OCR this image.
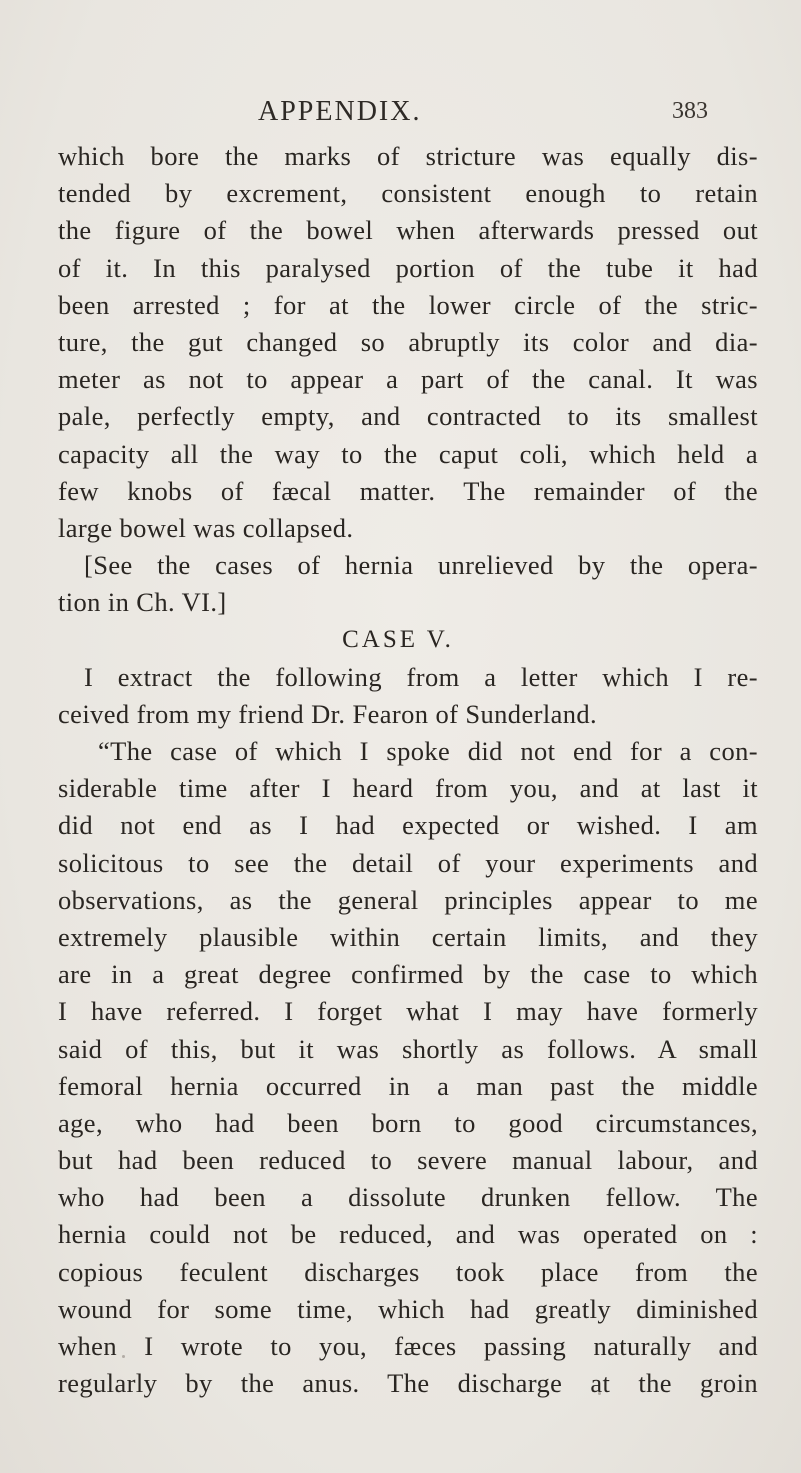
APPENDIX.	383
which bore the marks of stricture was equally dis-
tended by excrement, consistent enough to retain
the figure of the bowel when afterwards pressed out
of it. In this paralysed portion of the tube it had
been arrested ; for at the lower circle of the stric-
ture, the gut changed so abruptly its color and dia-
meter as not to appear a part of the canal. It was
pale, perfectly empty, and contracted to its smallest
capacity all the way to the caput coli, which held a
few knobs of fæcal matter. The remainder of the
large bowel was collapsed.
[See the cases of hernia unrelieved by the opera-
tion in Ch. VI.]
CASE V.
I extract the following from a letter which I re-
ceived from my friend Dr. Fearon of Sunderland.
“The case of which I spoke did not end for a con-
siderable time after I heard from you, and at last it
did not end as I had expected or wished. I am
solicitous to see the detail of your experiments and
observations, as the general principles appear to me
extremely plausible within certain limits, and they
are in a great degree confirmed by the case to which
I have referred. I forget what I may have formerly
said of this, but it was shortly as follows. A small
femoral hernia occurred in a man past the middle
age, who had been born to good circumstances,
but had been reduced to severe manual labour, and
who had been a dissolute drunken fellow. The
hernia could not be reduced, and was operated on :
copious feculent discharges took place from the
wound for some time, which had greatly diminished
when I wrote to you, fæces passing naturally and
regularly by the anus. The discharge at the groin
